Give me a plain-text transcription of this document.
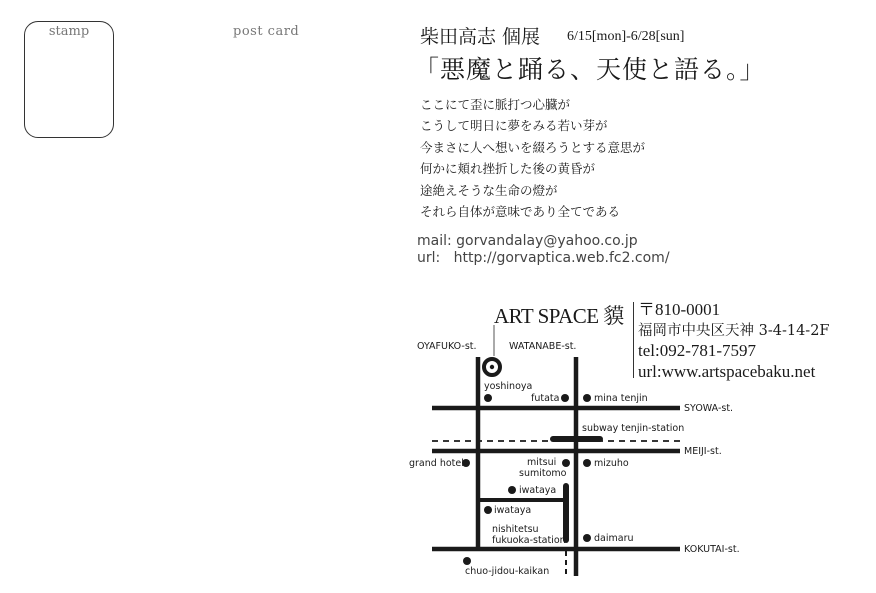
stamp	post card	柴田高志 個展 6/15[mon]-6/28[sun]
「悪魔と踊る、天使と語る。」
ここにて歪に脈打つ心臓が
こうして明日に夢をみる若い芽が
今まさに人へ想いを綴ろうとする意思が
何かに頬れ挫折した後の黄昏が
途絶えそうな生命の燈が
それら自体が意味であり全てである
mail: gorvandalay@yahoo.co.jp
url:   http://gorvaptica.web.fc2.com/
ART SPACE 貘 〒810-0001
福岡市中央区天神 3-4-14-2F
tel:092-781-7597
url:www.artspacebaku.net
OYAFUKO-st.	WATANABE-st.
SYOWA-st.
MEIJI-st.
KOKUTAI-st.
yoshinoya
futata	mina tenjin
subway tenjin-station
grand hotel	mitsui
sumitomo
mizuho
iwataya
iwataya
nishitetsu
fukuoka-station	daimaru
chuo-jidou-kaikan
